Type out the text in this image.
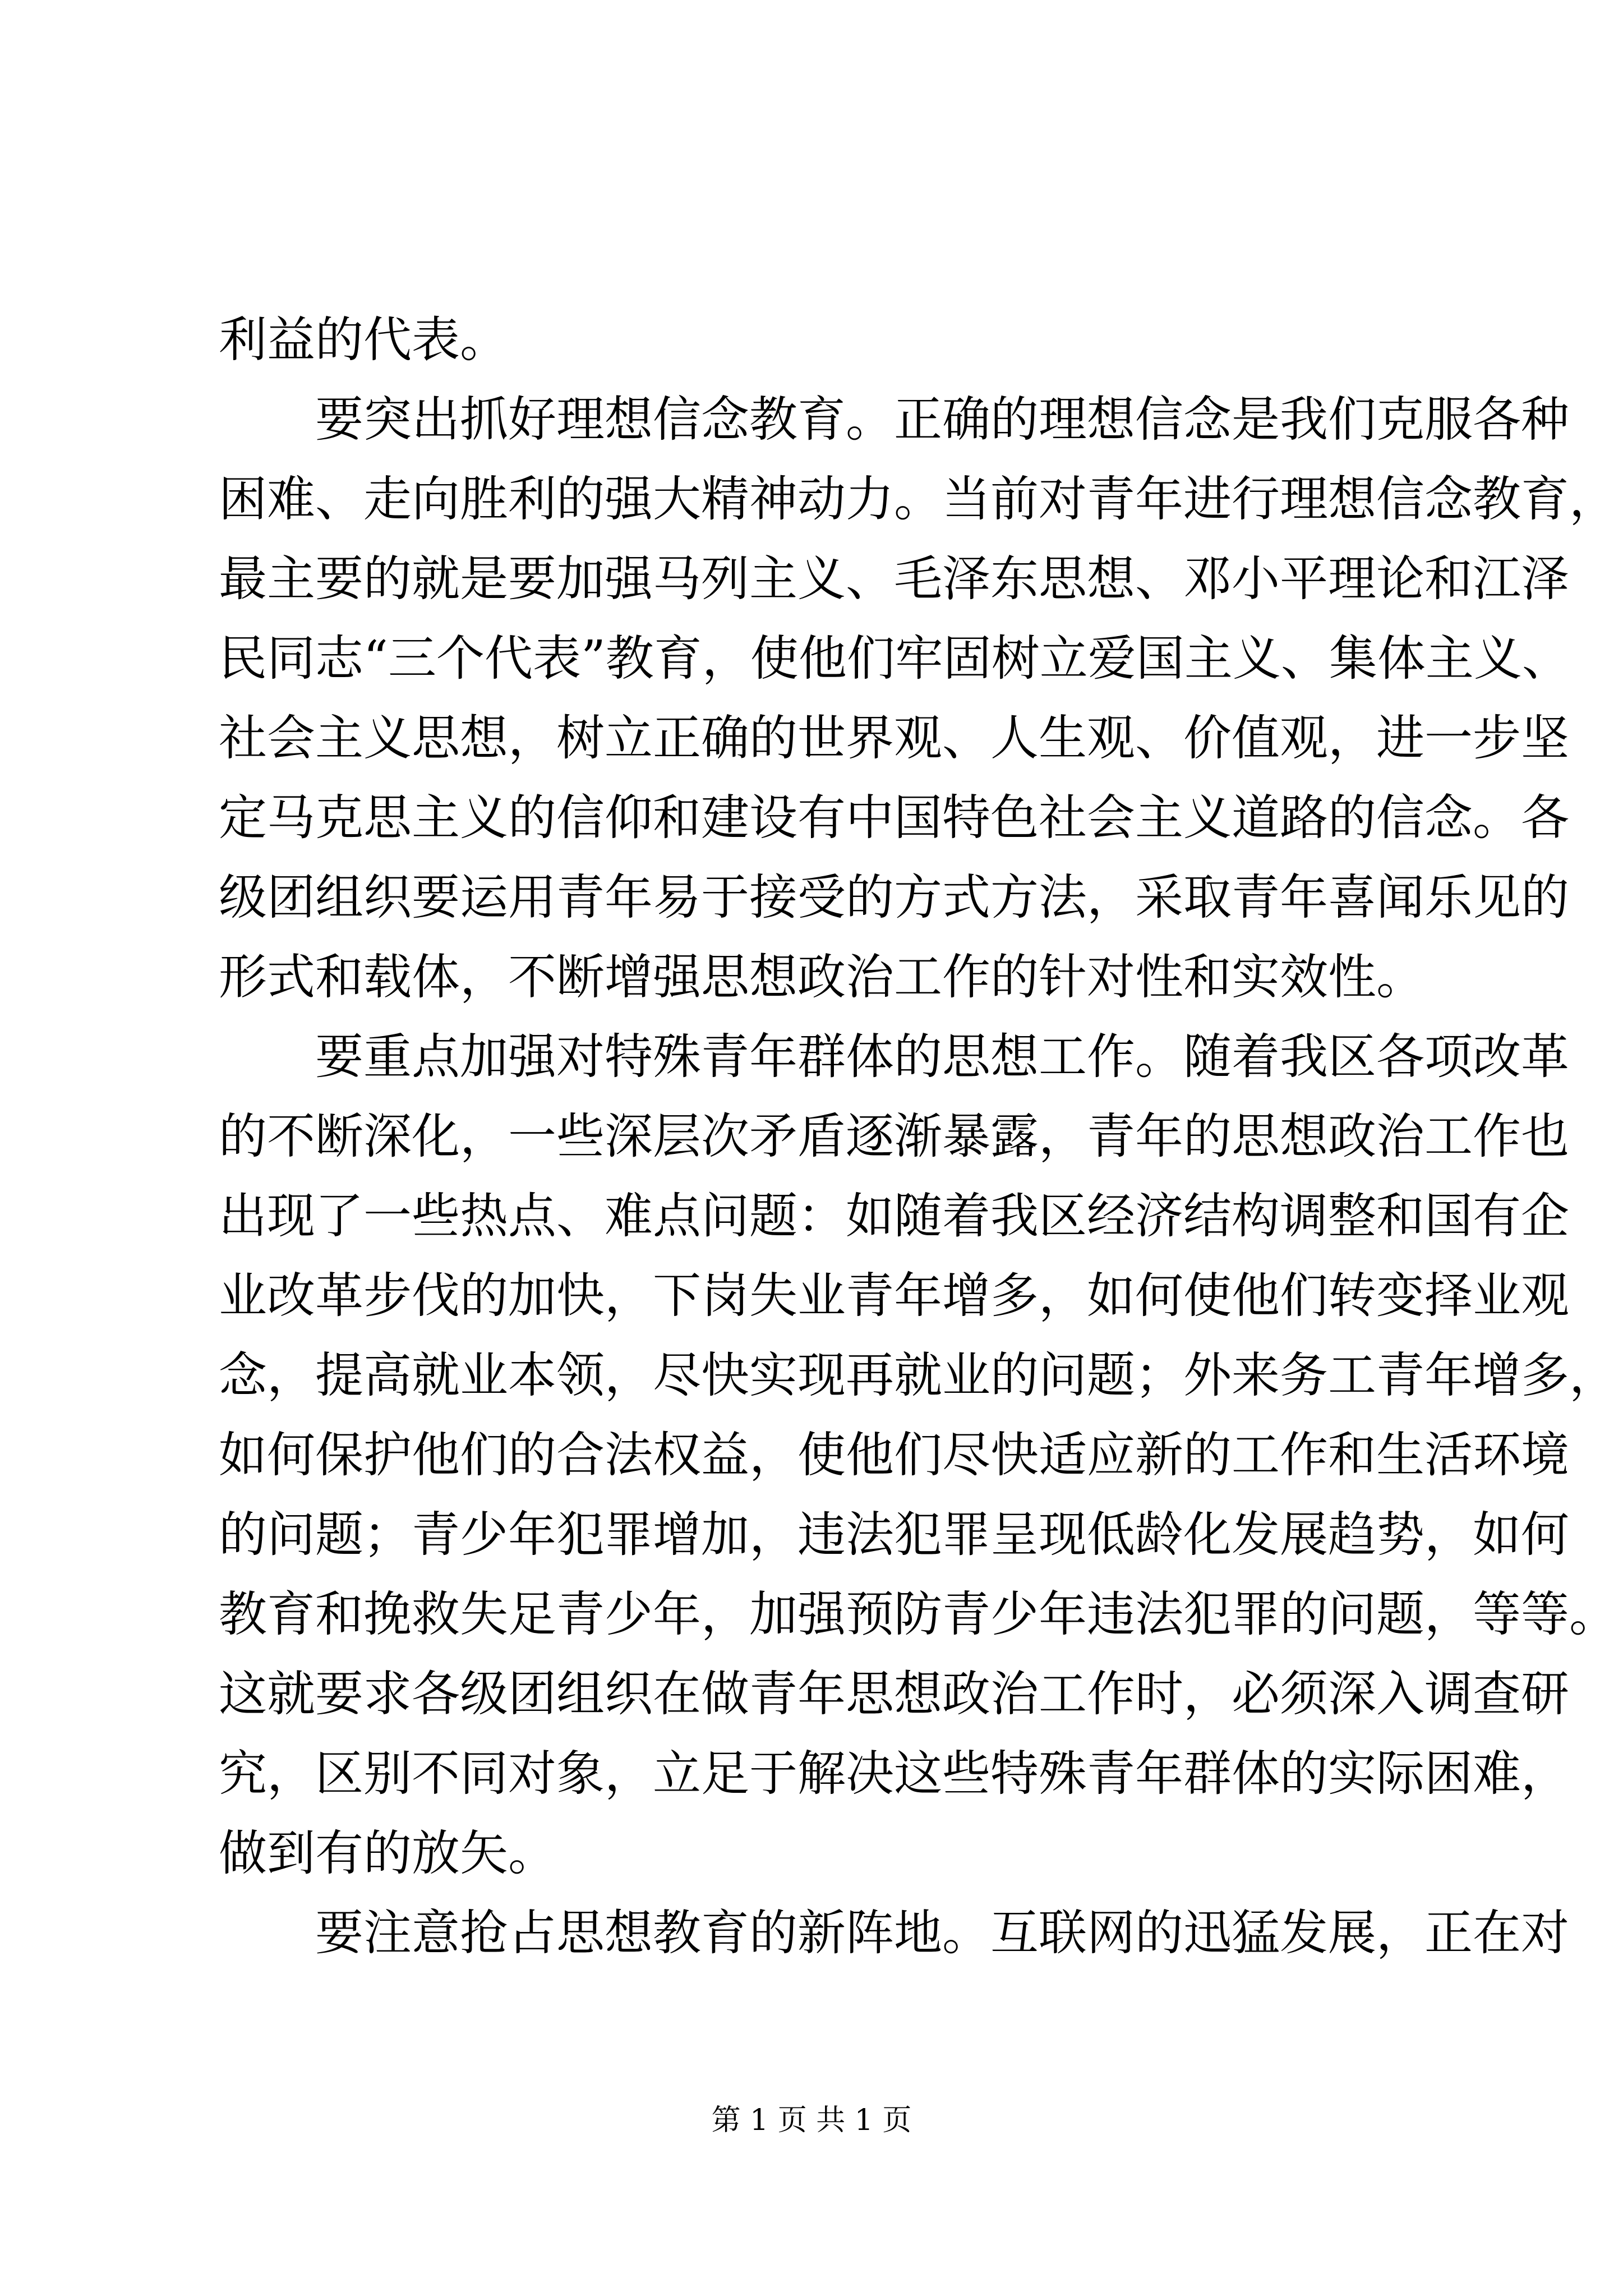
利益的代表。
要突出抓好理想信念教育。正确的理想信念是我们克服各种
困难、走向胜利的强大精神动力。当前对青年进行理想信念教育，
最主要的就是要加强马列主义、毛泽东思想、邓小平理论和江泽
民同志“三个代表”教育，使他们牢固树立爱国主义、集体主义、
社会主义思想，树立正确的世界观、人生观、价值观，进一步坚
定马克思主义的信仰和建设有中国特色社会主义道路的信念。各
级团组织要运用青年易于接受的方式方法，采取青年喜闻乐见的
形式和载体，不断增强思想政治工作的针对性和实效性。
要重点加强对特殊青年群体的思想工作。随着我区各项改革
的不断深化，一些深层次矛盾逐渐暴露，青年的思想政治工作也
出现了一些热点、难点问题：如随着我区经济结构调整和国有企
业改革步伐的加快，下岗失业青年增多，如何使他们转变择业观
念，提高就业本领，尽快实现再就业的问题；外来务工青年增多，
如何保护他们的合法权益，使他们尽快适应新的工作和生活环境
的问题；青少年犯罪增加，违法犯罪呈现低龄化发展趋势，如何
教育和挽救失足青少年，加强预防青少年违法犯罪的问题，等等。
这就要求各级团组织在做青年思想政治工作时，必须深入调查研
究，区别不同对象，立足于解决这些特殊青年群体的实际困难，
做到有的放矢。
要注意抢占思想教育的新阵地。互联网的迅猛发展，正在对
第 1 页 共 1 页
